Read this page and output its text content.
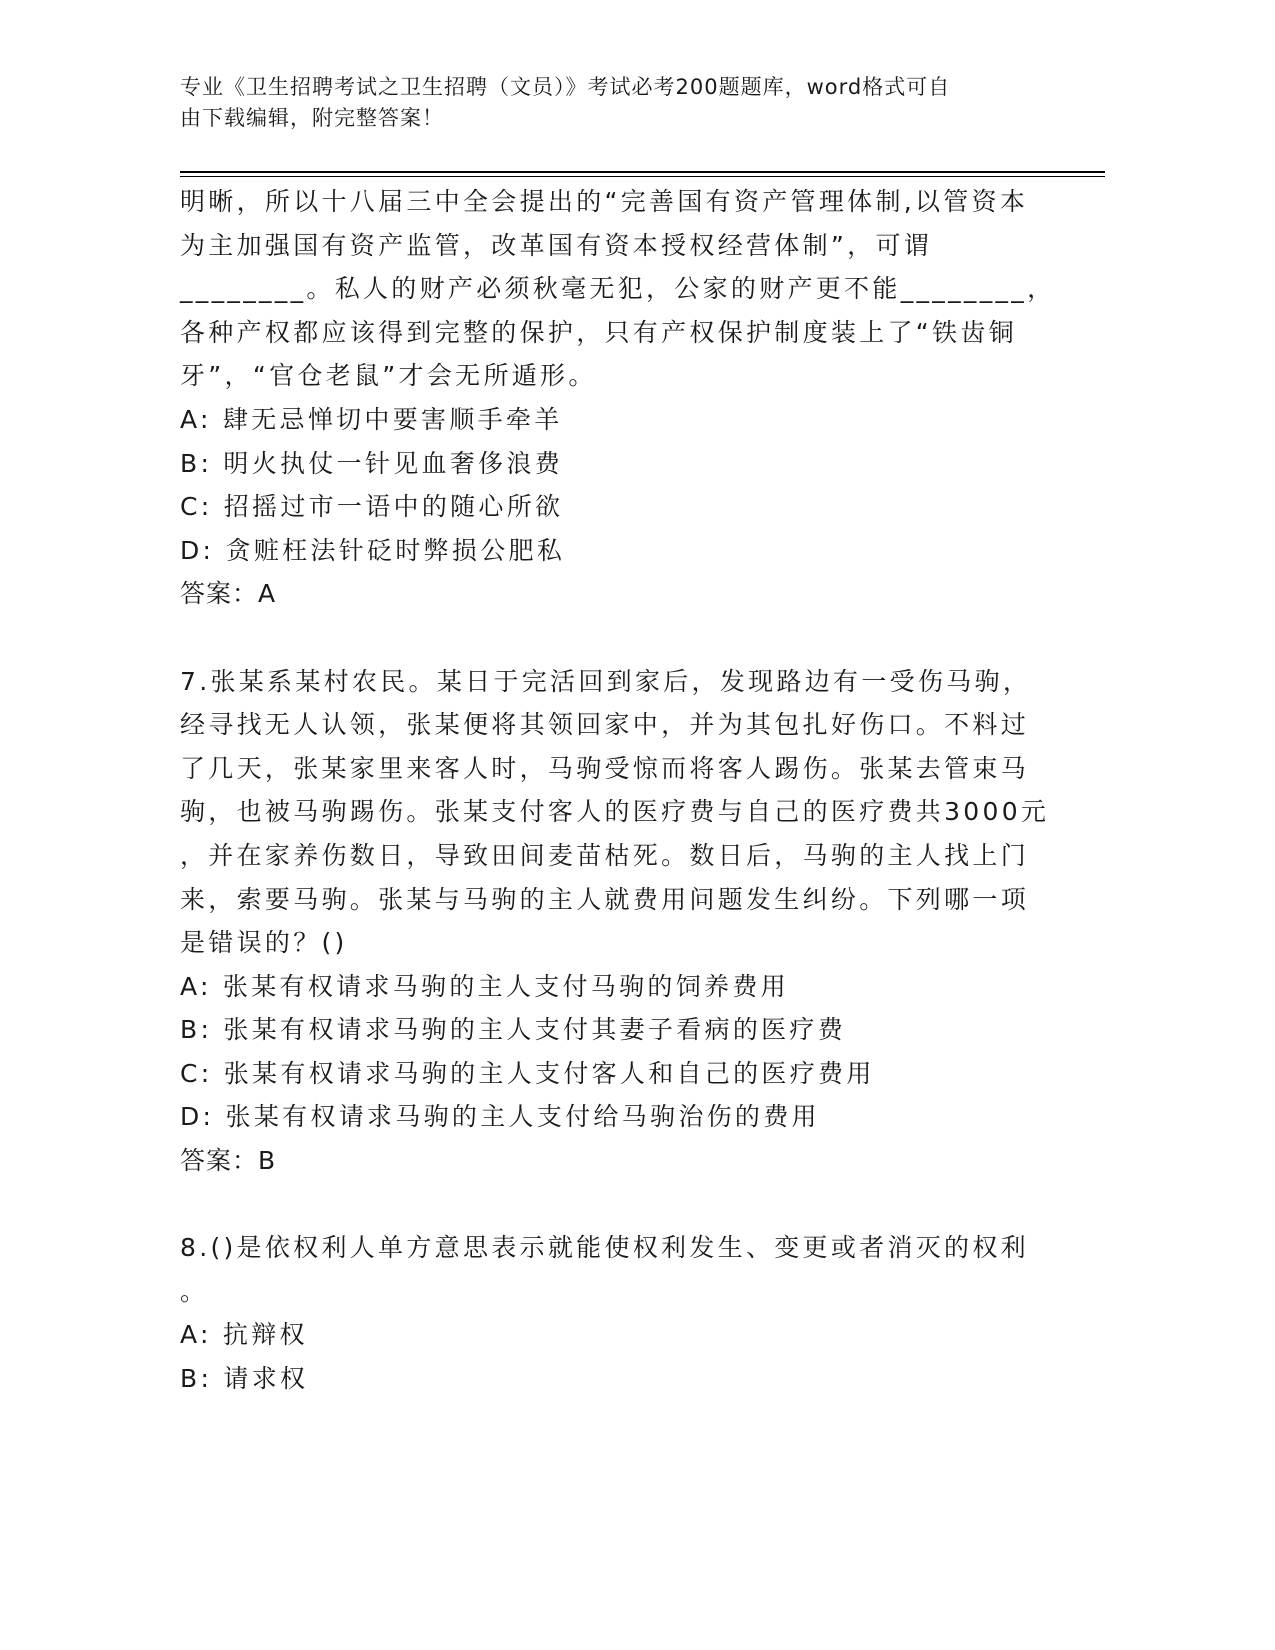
专业《卫生招聘考试之卫生招聘（文员）》考试必考200题题库，word格式可自
由下载编辑，附完整答案！
明晰，所以十八届三中全会提出的“完善国有资产管理体制,以管资本
为主加强国有资产监管，改革国有资本授权经营体制”，可谓
________。私人的财产必须秋毫无犯，公家的财产更不能________，
各种产权都应该得到完整的保护，只有产权保护制度装上了“铁齿铜
牙”，“官仓老鼠”才会无所遁形。
A: 肆无忌惮切中要害顺手牵羊
B: 明火执仗一针见血奢侈浪费
C: 招摇过市一语中的随心所欲
D: 贪赃枉法针砭时弊损公肥私
答案：A
7.张某系某村农民。某日于完活回到家后，发现路边有一受伤马驹，
经寻找无人认领，张某便将其领回家中，并为其包扎好伤口。不料过
了几天，张某家里来客人时，马驹受惊而将客人踢伤。张某去管束马
驹，也被马驹踢伤。张某支付客人的医疗费与自己的医疗费共3000元
，并在家养伤数日，导致田间麦苗枯死。数日后，马驹的主人找上门
来，索要马驹。张某与马驹的主人就费用问题发生纠纷。下列哪一项
是错误的？()
A: 张某有权请求马驹的主人支付马驹的饲养费用
B: 张某有权请求马驹的主人支付其妻子看病的医疗费
C: 张某有权请求马驹的主人支付客人和自己的医疗费用
D: 张某有权请求马驹的主人支付给马驹治伤的费用
答案：B
8.()是依权利人单方意思表示就能使权利发生、变更或者消灭的权利
。
A: 抗辩权
B: 请求权
